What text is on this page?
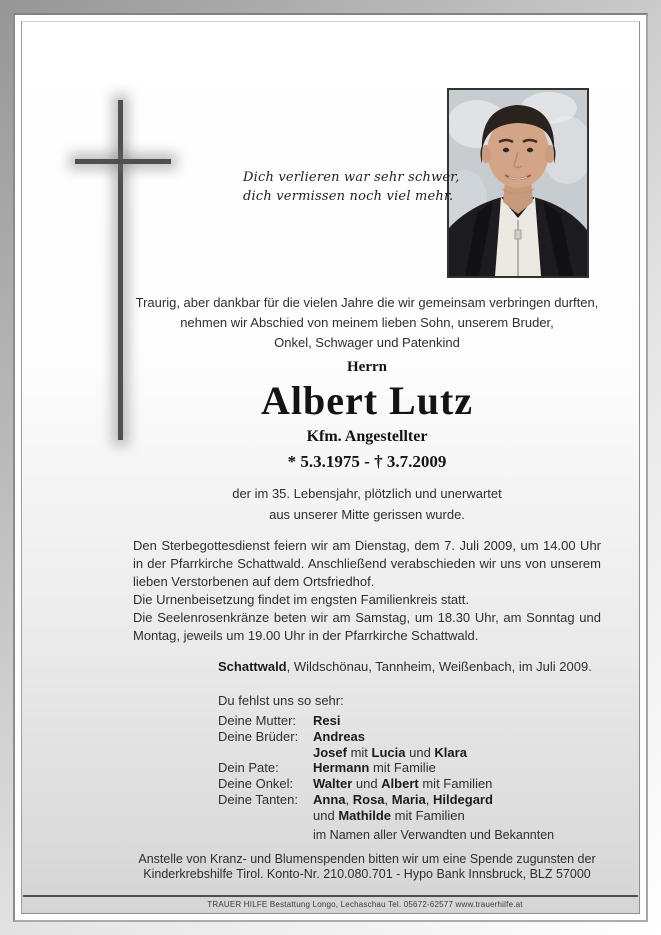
Dich verlieren war sehr schwer,
dich vermissen noch viel mehr.
Traurig, aber dankbar für die vielen Jahre die wir gemeinsam verbringen durften,
nehmen wir Abschied von meinem lieben Sohn, unserem Bruder,
Onkel, Schwager und Patenkind
Herrn
Albert Lutz
Kfm. Angestellter
* 5.3.1975 - † 3.7.2009
der im 35. Lebensjahr, plötzlich und unerwartet
aus unserer Mitte gerissen wurde.
Den Sterbegottesdienst feiern wir am Dienstag, dem 7. Juli 2009, um 14.00 Uhr in der Pfarrkirche Schattwald. Anschließend verabschieden wir uns von unserem lieben Verstorbenen auf dem Ortsfriedhof.
Die Urnenbeisetzung findet im engsten Familienkreis statt.
Die Seelenrosenkränze beten wir am Samstag, um 18.30 Uhr, am Sonntag und Montag, jeweils um 19.00 Uhr in der Pfarrkirche Schattwald.
Schattwald, Wildschönau, Tannheim, Weißenbach, im Juli 2009.
Du fehlst uns so sehr:
Deine Mutter:	Resi
Deine Brüder:	Andreas
Josef mit Lucia und Klara
Dein Pate:	Hermann mit Familie
Deine Onkel:	Walter und Albert mit Familien
Deine Tanten:	Anna, Rosa, Maria, Hildegard
und Mathilde mit Familien
im Namen aller Verwandten und Bekannten
Anstelle von Kranz- und Blumenspenden bitten wir um eine Spende zugunsten der
Kinderkrebshilfe Tirol. Konto-Nr. 210.080.701 - Hypo Bank Innsbruck, BLZ 57000
TRAUER HILFE Bestattung Longo, Lechaschau Tel. 05672-62577 www.trauerhilfe.at
